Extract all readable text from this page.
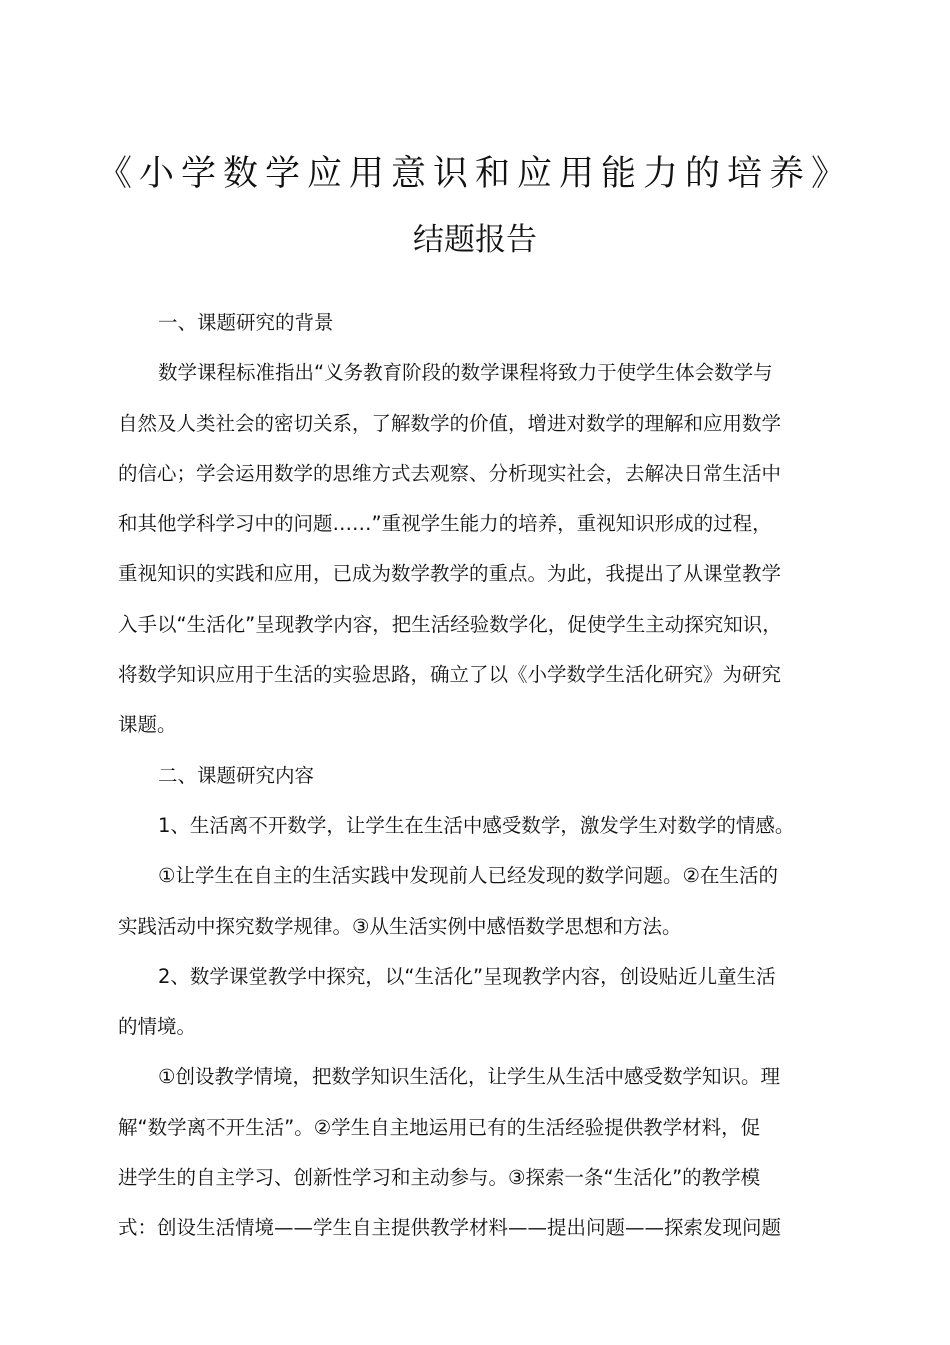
《小学数学应用意识和应用能力的培养》
结题报告
一、课题研究的背景
数学课程标准指出“义务教育阶段的数学课程将致力于使学生体会数学与
自然及人类社会的密切关系，了解数学的价值，增进对数学的理解和应用数学
的信心；学会运用数学的思维方式去观察、分析现实社会，去解决日常生活中
和其他学科学习中的问题……”重视学生能力的培养，重视知识形成的过程，
重视知识的实践和应用，已成为数学教学的重点。为此，我提出了从课堂教学
入手以“生活化”呈现教学内容，把生活经验数学化，促使学生主动探究知识，
将数学知识应用于生活的实验思路，确立了以《小学数学生活化研究》为研究
课题。
二、课题研究内容
1、生活离不开数学，让学生在生活中感受数学，激发学生对数学的情感。
①让学生在自主的生活实践中发现前人已经发现的数学问题。②在生活的
实践活动中探究数学规律。③从生活实例中感悟数学思想和方法。
2、数学课堂教学中探究，以“生活化”呈现教学内容，创设贴近儿童生活
的情境。
①创设教学情境，把数学知识生活化，让学生从生活中感受数学知识。理
解“数学离不开生活”。②学生自主地运用已有的生活经验提供教学材料，促
进学生的自主学习、创新性学习和主动参与。③探索一条“生活化”的教学模
式：创设生活情境——学生自主提供教学材料——提出问题——探索发现问题
